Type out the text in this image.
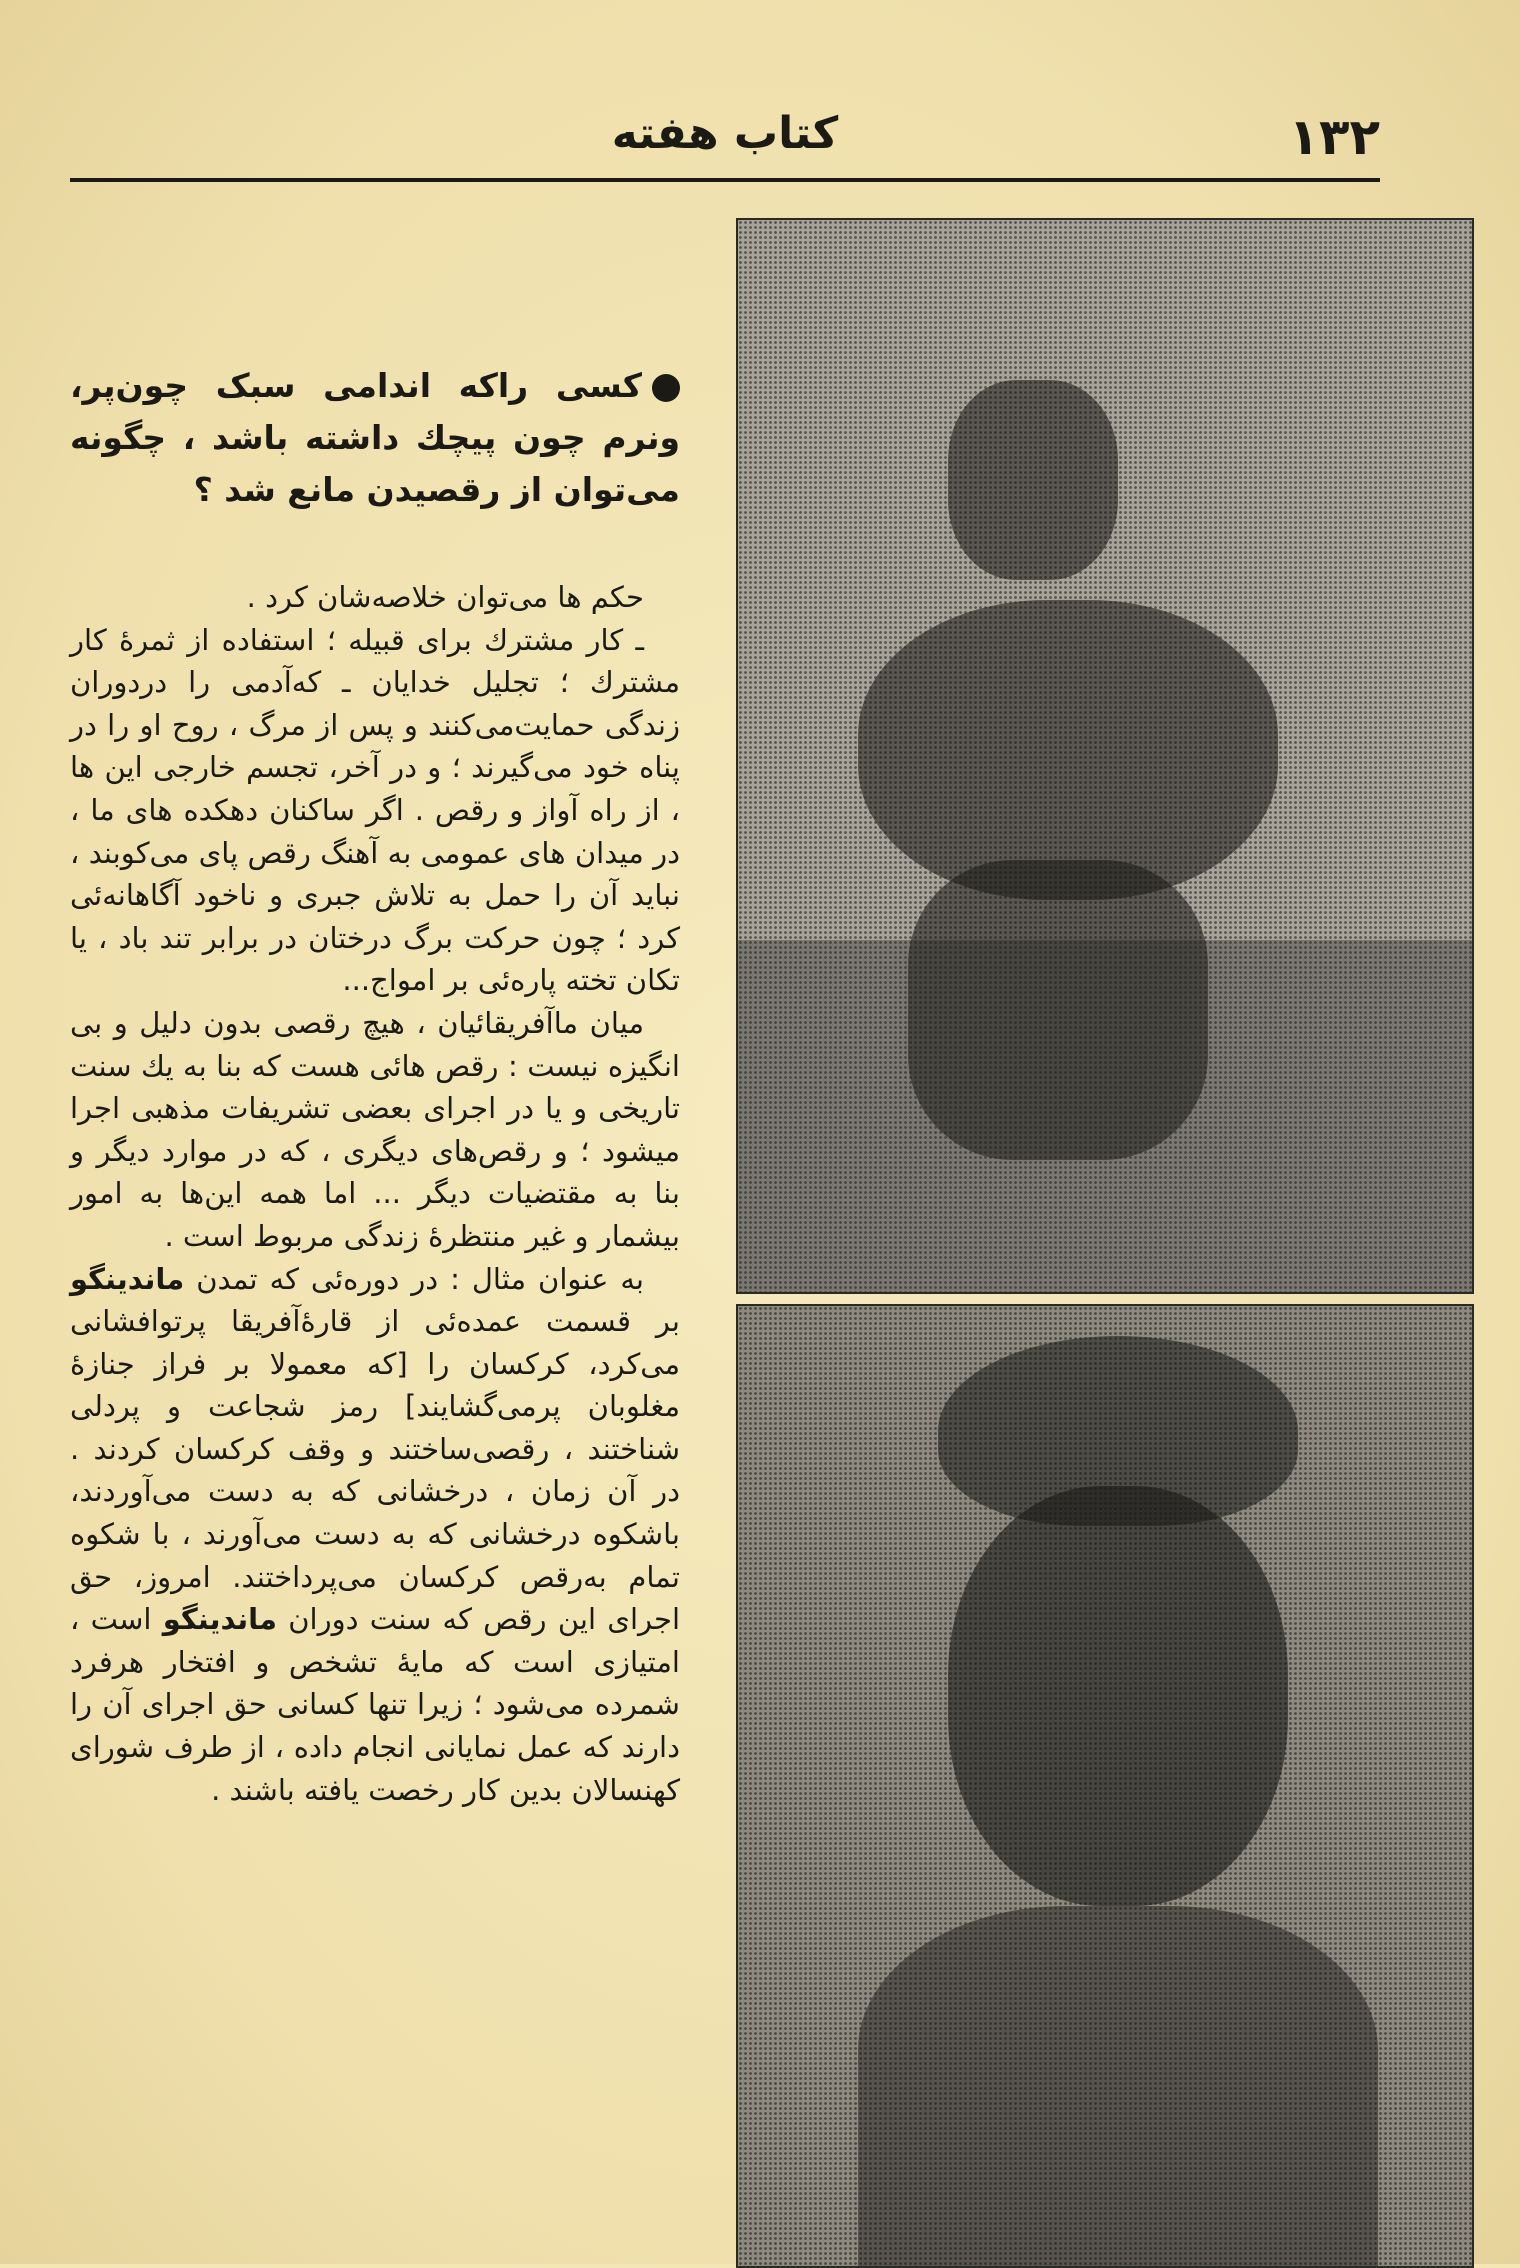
۱۳۲
کتاب هفته
کسی راکه اندامی سبک چون‌پر، ونرم چون پیچك داشته باشد ، چگونه می‌توان از رقصیدن مانع شد ؟

حکم ها می‌توان خلاصه‌شان کرد .

ـ کار مشترك برای قبیله ؛ استفاده از ثمرهٔ کار مشترك ؛ تجلیل خدایان ـ که‌آدمی را دردوران زندگی حمایت‌می‌کنند و پس از مرگ ، روح او را در پناه خود می‌گیرند ؛ و در آخر، تجسم خارجی این ها ، از راه آواز و رقص . اگر ساکنان دهکده های ما ، در میدان های عمومی به آهنگ رقص پای می‌کوبند ، نباید آن را حمل به تلاش جبری و ناخود آگاهانه‌ئی کرد ؛ چون حرکت برگ درختان در برابر تند باد ، یا تکان تخته پاره‌ئی بر امواج...

میان ماآفریقائیان ، هیچ رقصی بدون دلیل و بی انگیزه نیست : رقص هائی هست که بنا به یك سنت تاریخی و یا در اجرای بعضی تشریفات مذهبی اجرا میشود ؛ و رقص‌های دیگری ، که در موارد دیگر و بنا به مقتضیات دیگر ... اما همه این‌ها به امور بیشمار و غیر منتظرهٔ زندگی مربوط است .

به عنوان مثال : در دوره‌ئی که تمدن ماندینگو بر قسمت عمده‌ئی از قارهٔ‌آفریقا پرتوافشانی می‌کرد، کرکسان را [که معمولا بر فراز جنازهٔ مغلوبان پرمی‌گشایند] رمز شجاعت و پردلی شناختند ، رقصی‌ساختند و وقف کرکسان کردند . در آن زمان ، درخشانی که به دست می‌آوردند، باشکوه درخشانی که به دست می‌آورند ، با شکوه تمام به‌رقص کرکسان می‌پرداختند. امروز، حق اجرای این رقص که سنت دوران ماندینگو است ، امتیازی است که مایهٔ تشخص و افتخار هرفرد شمرده می‌شود ؛ زیرا تنها کسانی حق اجرای آن را دارند که عمل نمایانی انجام داده ، از طرف شورای کهنسالان بدین کار رخصت یافته باشند .
